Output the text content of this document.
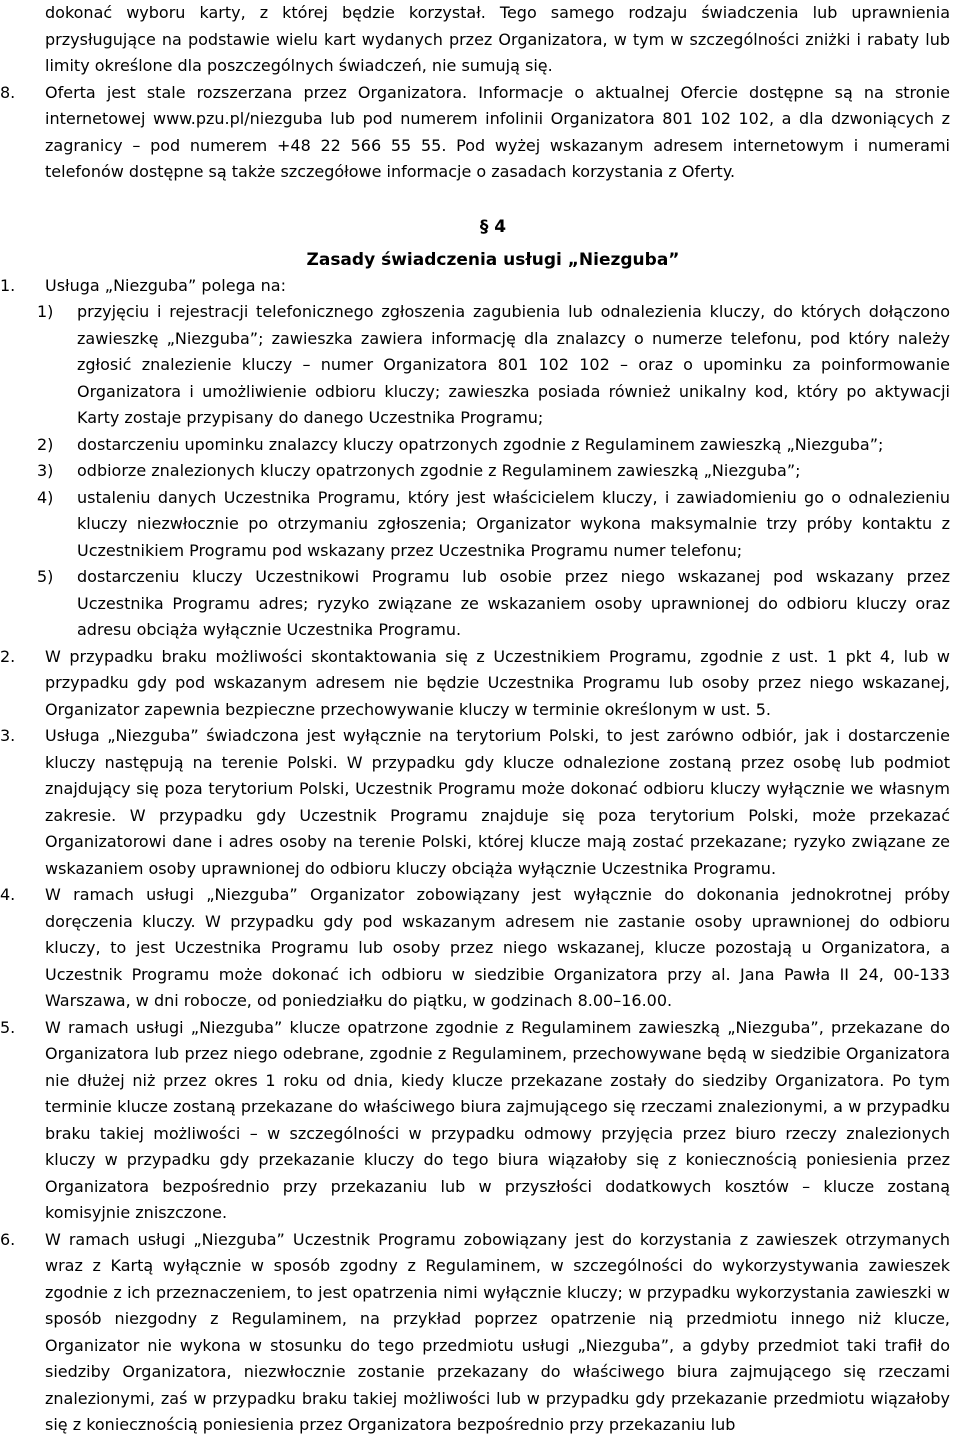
dokonać wyboru karty, z której będzie korzystał. Tego samego rodzaju świadczenia lub uprawnienia przysługujące na podstawie wielu kart wydanych przez Organizatora, w tym w szczególności zniżki i rabaty lub limity określone dla poszczególnych świadczeń, nie sumują się.

8. Oferta jest stale rozszerzana przez Organizatora. Informacje o aktualnej Ofercie dostępne są na stronie internetowej www.pzu.pl/niezguba lub pod numerem infolinii Organizatora 801 102 102, a dla dzwoniących z zagranicy – pod numerem +48 22 566 55 55. Pod wyżej wskazanym adresem internetowym i numerami telefonów dostępne są także szczegółowe informacje o zasadach korzystania z Oferty.

§ 4
Zasady świadczenia usługi „Niezguba”
1. Usługa „Niezguba” polega na:

1) przyjęciu i rejestracji telefonicznego zgłoszenia zagubienia lub odnalezienia kluczy, do których dołączono zawieszkę „Niezguba”; zawieszka zawiera informację dla znalazcy o numerze telefonu, pod który należy zgłosić znalezienie kluczy – numer Organizatora 801 102 102 – oraz o upominku za poinformowanie Organizatora i umożliwienie odbioru kluczy; zawieszka posiada również unikalny kod, który po aktywacji Karty zostaje przypisany do danego Uczestnika Programu;

2) dostarczeniu upominku znalazcy kluczy opatrzonych zgodnie z Regulaminem zawieszką „Niezguba”;

3) odbiorze znalezionych kluczy opatrzonych zgodnie z Regulaminem zawieszką „Niezguba”;

4) ustaleniu danych Uczestnika Programu, który jest właścicielem kluczy, i zawiadomieniu go o odnalezieniu kluczy niezwłocznie po otrzymaniu zgłoszenia; Organizator wykona maksymalnie trzy próby kontaktu z Uczestnikiem Programu pod wskazany przez Uczestnika Programu numer telefonu;

5) dostarczeniu kluczy Uczestnikowi Programu lub osobie przez niego wskazanej pod wskazany przez Uczestnika Programu adres; ryzyko związane ze wskazaniem osoby uprawnionej do odbioru kluczy oraz adresu obciąża wyłącznie Uczestnika Programu.

2. W przypadku braku możliwości skontaktowania się z Uczestnikiem Programu, zgodnie z ust. 1 pkt 4, lub w przypadku gdy pod wskazanym adresem nie będzie Uczestnika Programu lub osoby przez niego wskazanej, Organizator zapewnia bezpieczne przechowywanie kluczy w terminie określonym w ust. 5.

3. Usługa „Niezguba” świadczona jest wyłącznie na terytorium Polski, to jest zarówno odbiór, jak i dostarczenie kluczy następują na terenie Polski. W przypadku gdy klucze odnalezione zostaną przez osobę lub podmiot znajdujący się poza terytorium Polski, Uczestnik Programu może dokonać odbioru kluczy wyłącznie we własnym zakresie. W przypadku gdy Uczestnik Programu znajduje się poza terytorium Polski, może przekazać Organizatorowi dane i adres osoby na terenie Polski, której klucze mają zostać przekazane; ryzyko związane ze wskazaniem osoby uprawnionej do odbioru kluczy obciąża wyłącznie Uczestnika Programu.

4. W ramach usługi „Niezguba” Organizator zobowiązany jest wyłącznie do dokonania jednokrotnej próby doręczenia kluczy. W przypadku gdy pod wskazanym adresem nie zastanie osoby uprawnionej do odbioru kluczy, to jest Uczestnika Programu lub osoby przez niego wskazanej, klucze pozostają u Organizatora, a Uczestnik Programu może dokonać ich odbioru w siedzibie Organizatora przy al. Jana Pawła II 24, 00-133 Warszawa, w dni robocze, od poniedziałku do piątku, w godzinach 8.00–16.00.

5. W ramach usługi „Niezguba” klucze opatrzone zgodnie z Regulaminem zawieszką „Niezguba”, przekazane do Organizatora lub przez niego odebrane, zgodnie z Regulaminem, przechowywane będą w siedzibie Organizatora nie dłużej niż przez okres 1 roku od dnia, kiedy klucze przekazane zostały do siedziby Organizatora. Po tym terminie klucze zostaną przekazane do właściwego biura zajmującego się rzeczami znalezionymi, a w przypadku braku takiej możliwości – w szczególności w przypadku odmowy przyjęcia przez biuro rzeczy znalezionych kluczy w przypadku gdy przekazanie kluczy do tego biura wiązałoby się z koniecznością poniesienia przez Organizatora bezpośrednio przy przekazaniu lub w przyszłości dodatkowych kosztów – klucze zostaną komisyjnie zniszczone.

6. W ramach usługi „Niezguba” Uczestnik Programu zobowiązany jest do korzystania z zawieszek otrzymanych wraz z Kartą wyłącznie w sposób zgodny z Regulaminem, w szczególności do wykorzystywania zawieszek zgodnie z ich przeznaczeniem, to jest opatrzenia nimi wyłącznie kluczy; w przypadku wykorzystania zawieszki w sposób niezgodny z Regulaminem, na przykład poprzez opatrzenie nią przedmiotu innego niż klucze, Organizator nie wykona w stosunku do tego przedmiotu usługi „Niezguba”, a gdyby przedmiot taki trafił do siedziby Organizatora, niezwłocznie zostanie przekazany do właściwego biura zajmującego się rzeczami znalezionymi, zaś w przypadku braku takiej możliwości lub w przypadku gdy przekazanie przedmiotu wiązałoby się z koniecznością poniesienia przez Organizatora bezpośrednio przy przekazaniu lub
